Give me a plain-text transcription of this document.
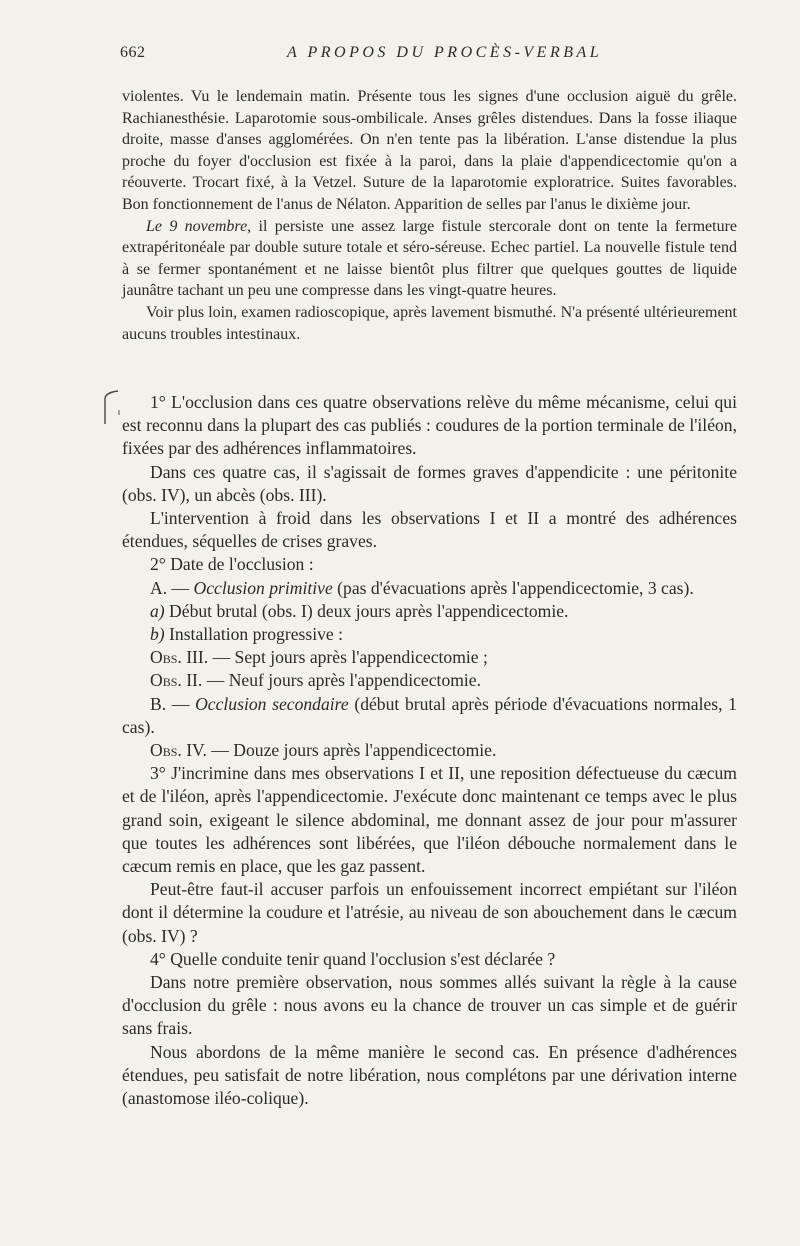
662	A PROPOS DU PROCÈS-VERBAL

violentes. Vu le lendemain matin. Présente tous les signes d'une occlusion aiguë du grêle. Rachianesthésie. Laparotomie sous-ombilicale. Anses grêles distendues. Dans la fosse iliaque droite, masse d'anses agglomérées. On n'en tente pas la libération. L'anse distendue la plus proche du foyer d'occlusion est fixée à la paroi, dans la plaie d'appendicectomie qu'on a réouverte. Trocart fixé, à la Vetzel. Suture de la laparotomie exploratrice. Suites favorables. Bon fonctionnement de l'anus de Nélaton. Apparition de selles par l'anus le dixième jour.

Le 9 novembre, il persiste une assez large fistule stercorale dont on tente la fermeture extrapéritonéale par double suture totale et séro-séreuse. Echec partiel. La nouvelle fistule tend à se fermer spontanément et ne laisse bientôt plus filtrer que quelques gouttes de liquide jaunâtre tachant un peu une compresse dans les vingt-quatre heures.

Voir plus loin, examen radioscopique, après lavement bismuthé. N'a présenté ultérieurement aucuns troubles intestinaux.

1° L'occlusion dans ces quatre observations relève du même mécanisme, celui qui est reconnu dans la plupart des cas publiés : coudures de la portion terminale de l'iléon, fixées par des adhérences inflammatoires.

Dans ces quatre cas, il s'agissait de formes graves d'appendicite : une péritonite (obs. IV), un abcès (obs. III).

L'intervention à froid dans les observations I et II a montré des adhérences étendues, séquelles de crises graves.

2° Date de l'occlusion :

A. — Occlusion primitive (pas d'évacuations après l'appendicectomie, 3 cas).

a) Début brutal (obs. I) deux jours après l'appendicectomie.

b) Installation progressive :

Obs. III. — Sept jours après l'appendicectomie ;

Obs. II. — Neuf jours après l'appendicectomie.

B. — Occlusion secondaire (début brutal après période d'évacuations normales, 1 cas).

Obs. IV. — Douze jours après l'appendicectomie.

3° J'incrimine dans mes observations I et II, une reposition défectueuse du cæcum et de l'iléon, après l'appendicectomie. J'exécute donc maintenant ce temps avec le plus grand soin, exigeant le silence abdominal, me donnant assez de jour pour m'assurer que toutes les adhérences sont libérées, que l'iléon débouche normalement dans le cæcum remis en place, que les gaz passent.

Peut-être faut-il accuser parfois un enfouissement incorrect empiétant sur l'iléon dont il détermine la coudure et l'atrésie, au niveau de son abouchement dans le cæcum (obs. IV) ?

4° Quelle conduite tenir quand l'occlusion s'est déclarée ?

Dans notre première observation, nous sommes allés suivant la règle à la cause d'occlusion du grêle : nous avons eu la chance de trouver un cas simple et de guérir sans frais.

Nous abordons de la même manière le second cas. En présence d'adhérences étendues, peu satisfait de notre libération, nous complétons par une dérivation interne (anastomose iléo-colique).
